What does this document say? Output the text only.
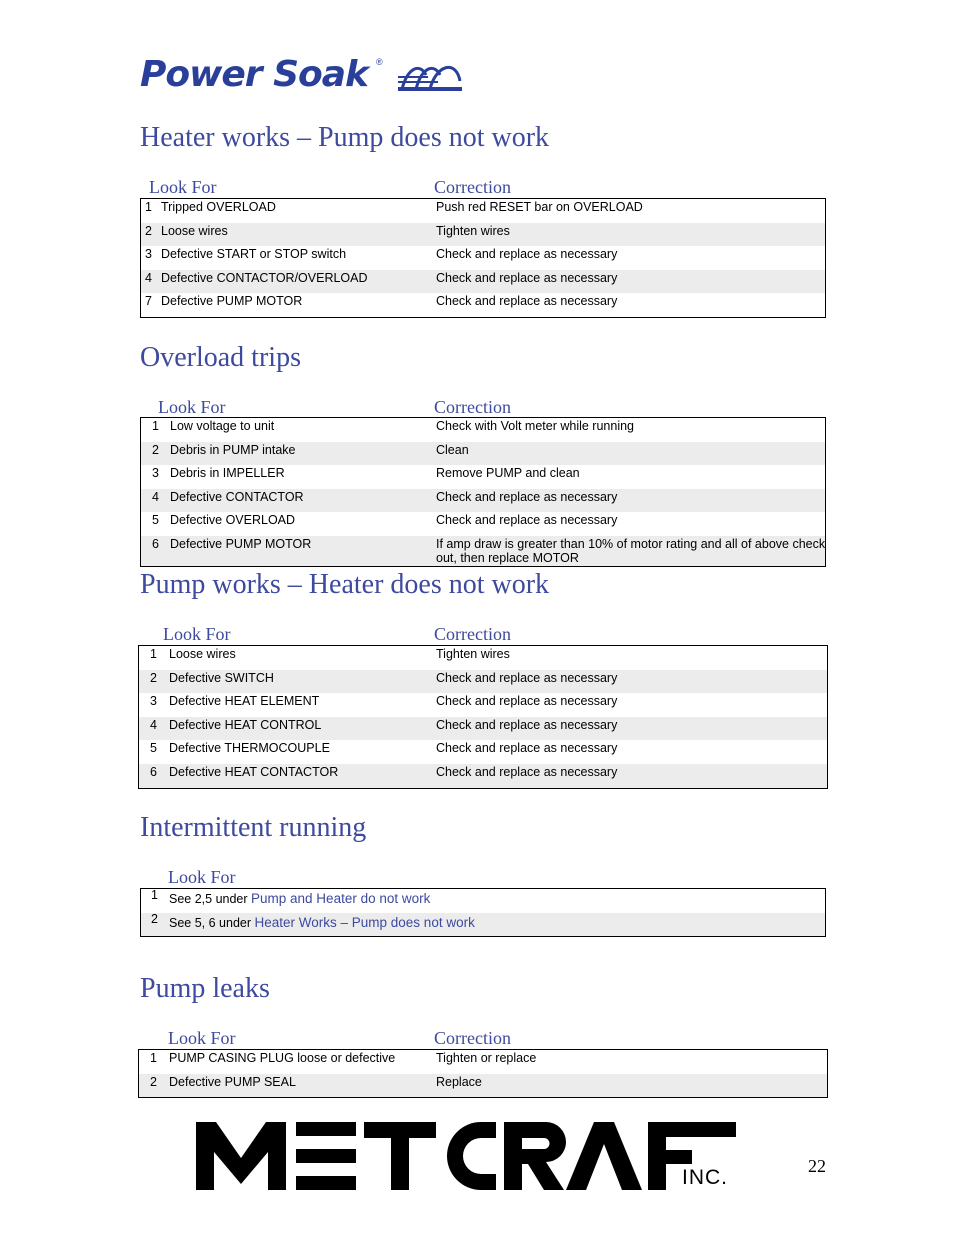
Power Soak ®
Heater works – Pump does not work
Look For	Correction
1 Tripped OVERLOAD	Push red RESET bar on OVERLOAD
2 Loose wires	Tighten wires
3 Defective START or STOP switch	Check and replace as necessary
4 Defective CONTACTOR/OVERLOAD	Check and replace as necessary
7 Defective PUMP MOTOR	Check and replace as necessary
Overload trips
Look For	Correction
1 Low voltage to unit	Check with Volt meter while running
2 Debris in PUMP intake	Clean
3 Debris in IMPELLER	Remove PUMP and clean
4 Defective CONTACTOR	Check and replace as necessary
5 Defective OVERLOAD	Check and replace as necessary
6 Defective PUMP MOTOR	If amp draw is greater than 10% of motor rating and all of above check out, then replace MOTOR
Pump works – Heater does not work
Look For	Correction
1 Loose wires	Tighten wires
2 Defective SWITCH	Check and replace as necessary
3 Defective HEAT ELEMENT	Check and replace as necessary
4 Defective HEAT CONTROL	Check and replace as necessary
5 Defective THERMOCOUPLE	Check and replace as necessary
6 Defective HEAT CONTACTOR	Check and replace as necessary
Intermittent running
Look For
1 See 2,5 under Pump and Heater do not work
2 See 5, 6 under Heater Works – Pump does not work
Pump leaks
Look For	Correction
1 PUMP CASING PLUG loose or defective	Tighten or replace
2 Defective PUMP SEAL	Replace
INC.	22
